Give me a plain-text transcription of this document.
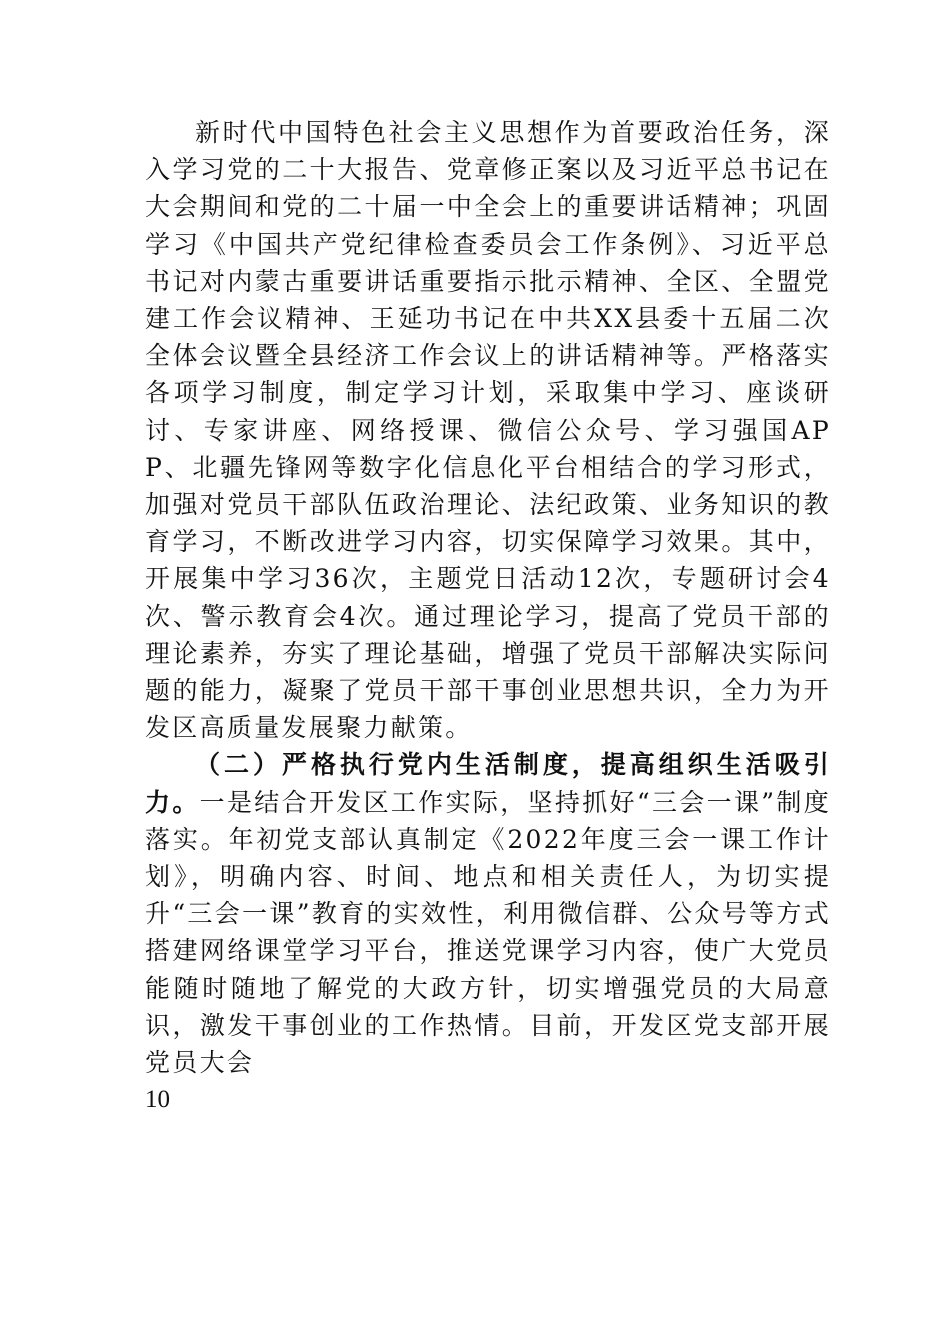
新时代中国特色社会主义思想作为首要政治任务，深入学习党的二十大报告、党章修正案以及习近平总书记在大会期间和党的二十届一中全会上的重要讲话精神；巩固学习《中国共产党纪律检查委员会工作条例》、习近平总书记对内蒙古重要讲话重要指示批示精神、全区、全盟党建工作会议精神、王延功书记在中共XX县委十五届二次全体会议暨全县经济工作会议上的讲话精神等。严格落实各项学习制度，制定学习计划，采取集中学习、座谈研讨、专家讲座、网络授课、微信公众号、学习强国APP、北疆先锋网等数字化信息化平台相结合的学习形式，加强对党员干部队伍政治理论、法纪政策、业务知识的教育学习，不断改进学习内容，切实保障学习效果。其中，开展集中学习36次，主题党日活动12次，专题研讨会4次、警示教育会4次。通过理论学习，提高了党员干部的理论素养，夯实了理论基础，增强了党员干部解决实际问题的能力，凝聚了党员干部干事创业思想共识，全力为开发区高质量发展聚力献策。

（二）严格执行党内生活制度，提高组织生活吸引力。一是结合开发区工作实际，坚持抓好“三会一课”制度落实。年初党支部认真制定《2022年度三会一课工作计划》，明确内容、时间、地点和相关责任人，为切实提升“三会一课”教育的实效性，利用微信群、公众号等方式搭建网络课堂学习平台，推送党课学习内容，使广大党员能随时随地了解党的大政方针，切实增强党员的大局意识，激发干事创业的工作热情。目前，开发区党支部开展党员大会

10
